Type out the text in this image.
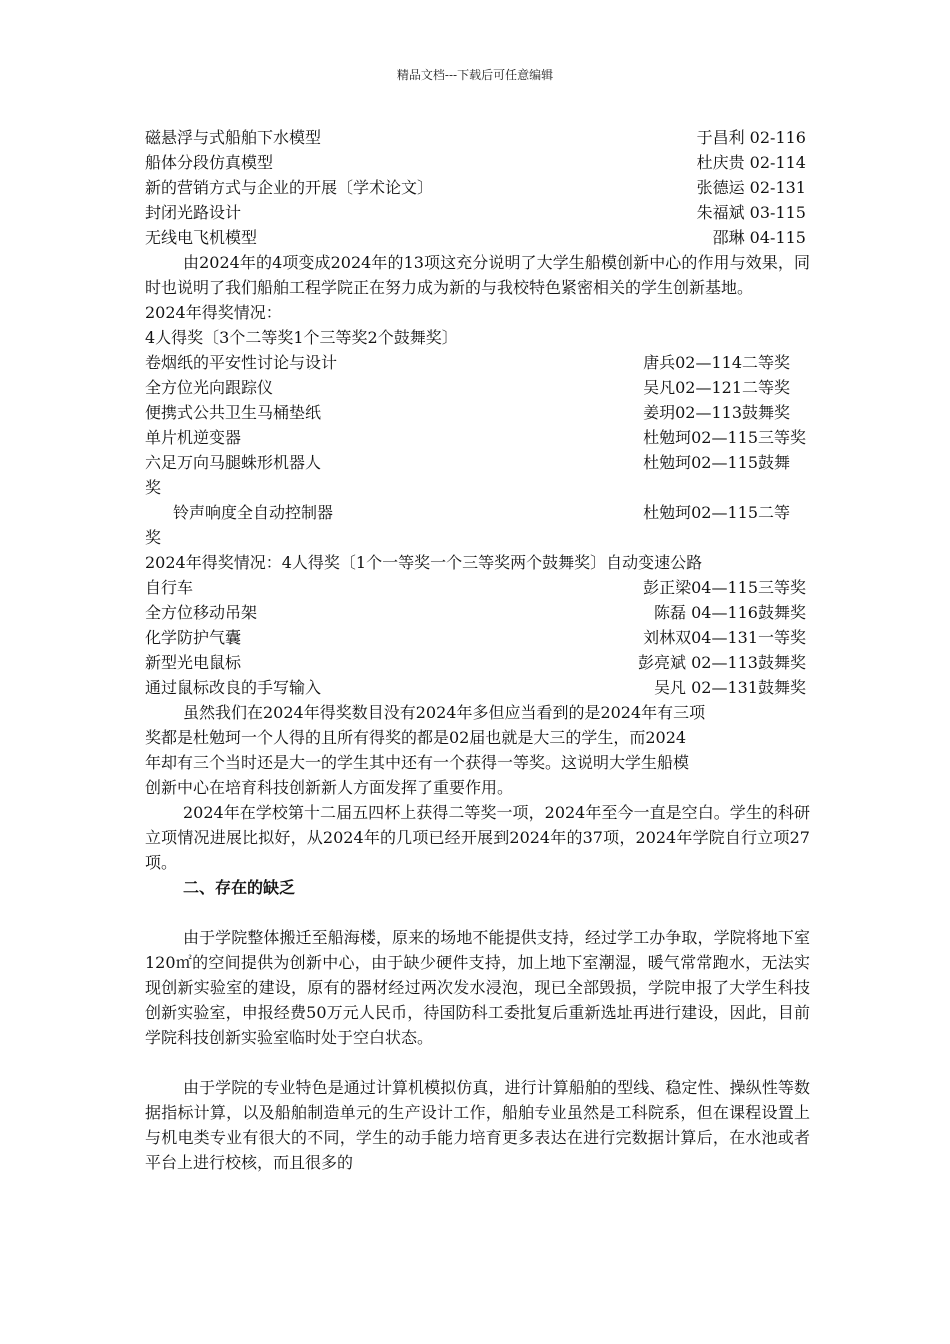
精品文档---下载后可任意编辑
磁悬浮与式船舶下水模型	于昌利 02-116
船体分段仿真模型	杜庆贵 02-114
新的营销方式与企业的开展〔学术论文〕	张德运 02-131
封闭光路设计	朱福斌 03-115
无线电飞机模型	邵琳 04-115

由2024年的4项变成2024年的13项这充分说明了大学生船模创新中心的作用与效果，同时也说明了我们船舶工程学院正在努力成为新的与我校特色紧密相关的学生创新基地。

2024年得奖情况：
4人得奖〔3个二等奖1个三等奖2个鼓舞奖〕
卷烟纸的平安性讨论与设计	唐兵02—114二等奖
全方位光向跟踪仪	吴凡02—121二等奖
便携式公共卫生马桶垫纸	姜玥02—113鼓舞奖
单片机逆变器	杜勉珂02—115三等奖
六足万向马腿蛛形机器人	杜勉珂02—115鼓舞
奖
铃声响度全自动控制器	杜勉珂02—115二等
奖
2024年得奖情况：4人得奖〔1个一等奖一个三等奖两个鼓舞奖〕自动变速公路
自行车	彭正梁04—115三等奖
全方位移动吊架	陈磊 04—116鼓舞奖
化学防护气囊	刘林双04—131一等奖
新型光电鼠标	彭亮斌 02—113鼓舞奖
通过鼠标改良的手写输入	吴凡 02—131鼓舞奖
虽然我们在2024年得奖数目没有2024年多但应当看到的是2024年有三项
奖都是杜勉珂一个人得的且所有得奖的都是02届也就是大三的学生，而2024
年却有三个当时还是大一的学生其中还有一个获得一等奖。这说明大学生船模
创新中心在培育科技创新新人方面发挥了重要作用。

2024年在学校第十二届五四杯上获得二等奖一项，2024年至今一直是空白。学生的科研立项情况进展比拟好，从2024年的几项已经开展到2024年的37项，2024年学院自行立项27项。

二、存在的缺乏

由于学院整体搬迁至船海楼，原来的场地不能提供支持，经过学工办争取，学院将地下室120㎡的空间提供为创新中心，由于缺少硬件支持，加上地下室潮湿，暖气常常跑水，无法实现创新实验室的建设，原有的器材经过两次发水浸泡，现已全部毁损，学院申报了大学生科技创新实验室，申报经费50万元人民币，待国防科工委批复后重新选址再进行建设，因此，目前学院科技创新实验室临时处于空白状态。

由于学院的专业特色是通过计算机模拟仿真，进行计算船舶的型线、稳定性、操纵性等数据指标计算，以及船舶制造单元的生产设计工作，船舶专业虽然是工科院系，但在课程设置上与机电类专业有很大的不同，学生的动手能力培育更多表达在进行完数据计算后，在水池或者平台上进行校核，而且很多的
